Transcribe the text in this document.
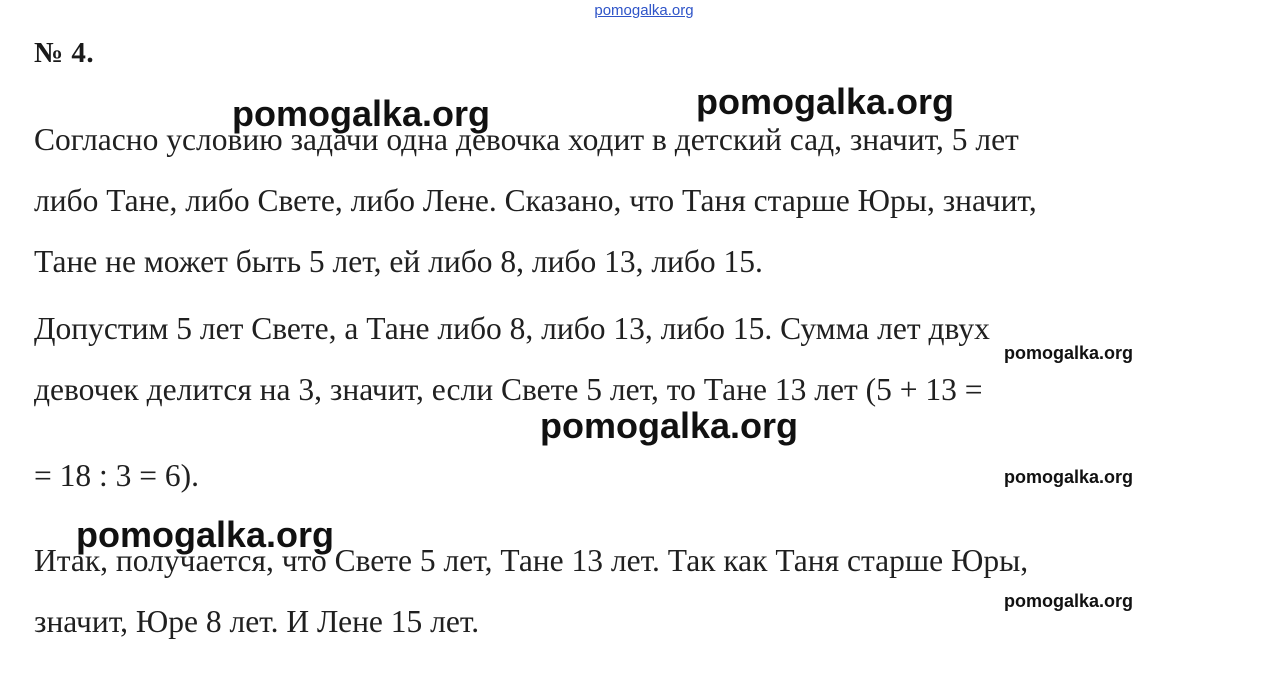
pomogalka.org
№ 4.
Согласно условию задачи одна девочка ходит в детский сад, значит, 5 лет
либо Тане, либо Свете, либо Лене. Сказано, что Таня старше Юры, значит,
Тане не может быть 5 лет, ей либо 8, либо 13, либо 15.
Допустим 5 лет Свете, а Тане либо 8, либо 13, либо 15. Сумма лет двух
девочек делится на 3, значит, если Свете 5 лет, то Тане 13 лет (5 + 13 =
= 18 : 3 = 6).
Итак, получается, что Свете 5 лет, Тане 13 лет. Так как Таня старше Юры,
значит, Юре 8 лет. И Лене 15 лет.
pomogalka.org	pomogalka.org
pomogalka.org
pomogalka.org
pomogalka.org
pomogalka.org
pomogalka.org
